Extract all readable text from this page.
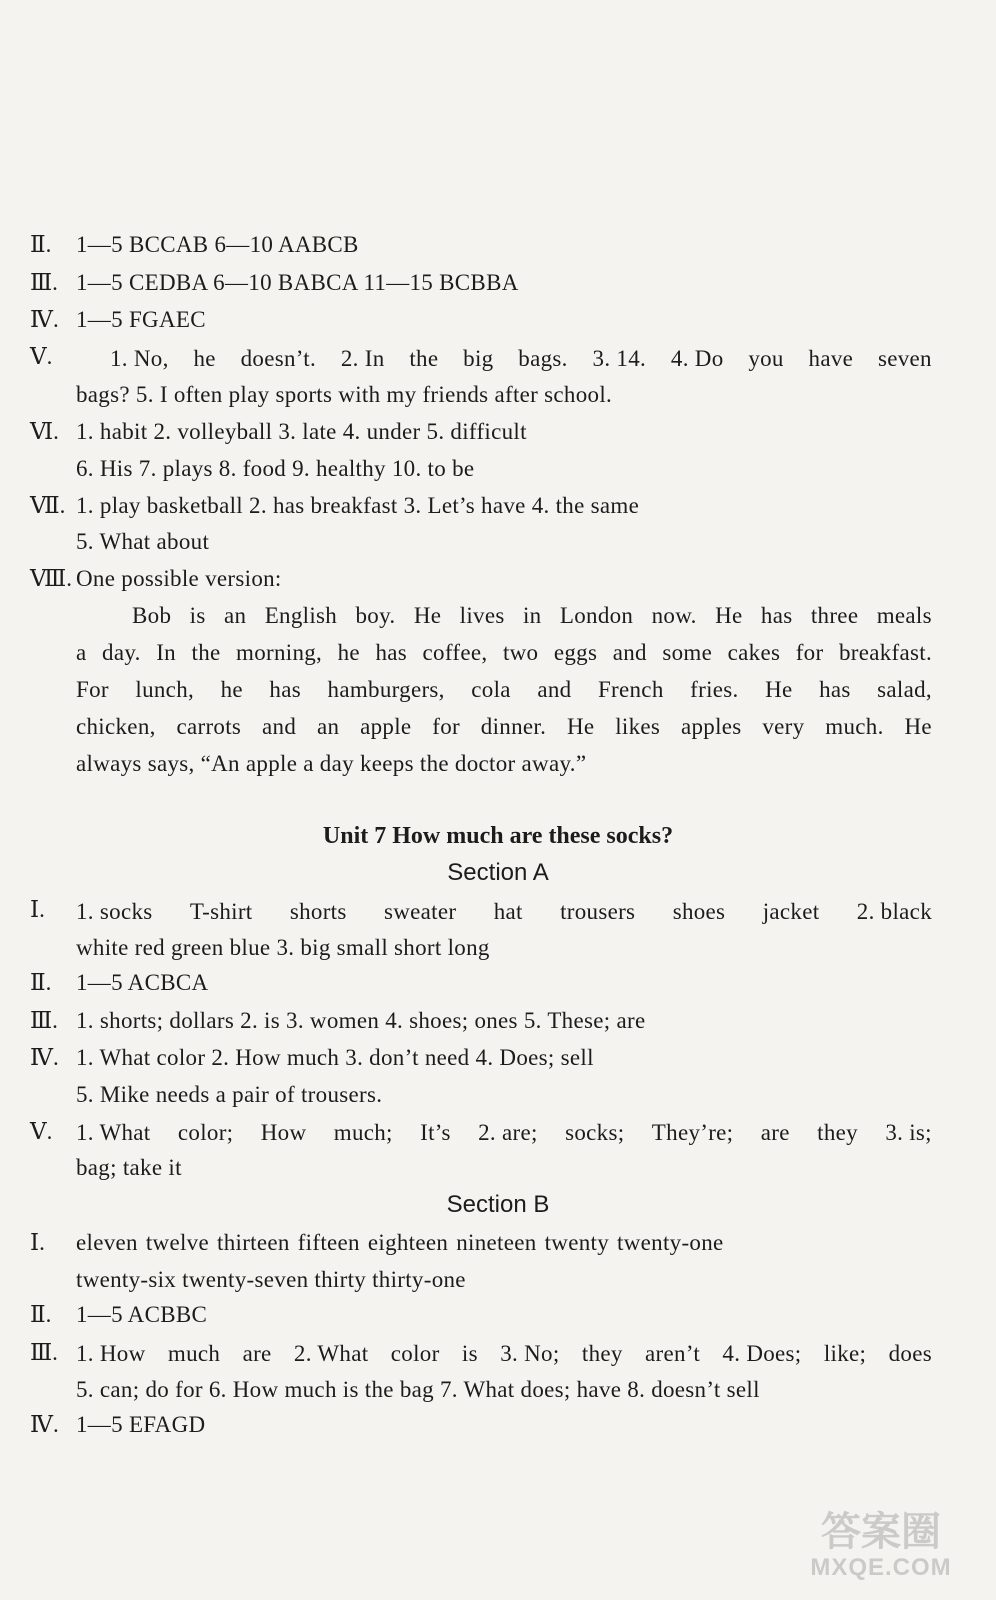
Ⅱ. 1—5 BCCAB 6—10 AABCB
Ⅲ. 1—5 CEDBA 6—10 BABCA 11—15 BCBBA
Ⅳ. 1—5 FGAEC
Ⅴ.	1. No, he doesn’t. 2. In the big bags. 3. 14. 4. Do you have seven
bags? 5. I often play sports with my friends after school.
Ⅵ. 1. habit 2. volleyball 3. late 4. under 5. difficult
6. His 7. plays 8. food 9. healthy 10. to be
Ⅶ. 1. play basketball 2. has breakfast 3. Let’s have 4. the same
5. What about
Ⅷ. One possible version:
Bob is an English boy. He lives in London now. He has three meals
a day. In the morning, he has coffee, two eggs and some cakes for breakfast.
For lunch, he has hamburgers, cola and French fries. He has salad,
chicken, carrots and an apple for dinner. He likes apples very much. He
always says, “An apple a day keeps the doctor away.”
Unit 7 How much are these socks?
Section A
Ⅰ. 1. socks T-shirt shorts sweater hat trousers shoes jacket 2. black
white red green blue 3. big small short long
Ⅱ. 1—5 ACBCA
Ⅲ. 1. shorts; dollars 2. is 3. women 4. shoes; ones 5. These; are
Ⅳ. 1. What color 2. How much 3. don’t need 4. Does; sell
5. Mike needs a pair of trousers.
Ⅴ. 1. What color; How much; It’s 2. are; socks; They’re; are they 3. is;
bag; take it
Section B
Ⅰ. eleven twelve thirteen fifteen eighteen nineteen twenty twenty-one
twenty-six twenty-seven thirty thirty-one
Ⅱ. 1—5 ACBBC
Ⅲ. 1. How much are 2. What color is 3. No; they aren’t 4. Does; like; does
5. can; do for 6. How much is the bag 7. What does; have 8. doesn’t sell
Ⅳ. 1—5 EFAGD
答案圈
MXQE.COM
